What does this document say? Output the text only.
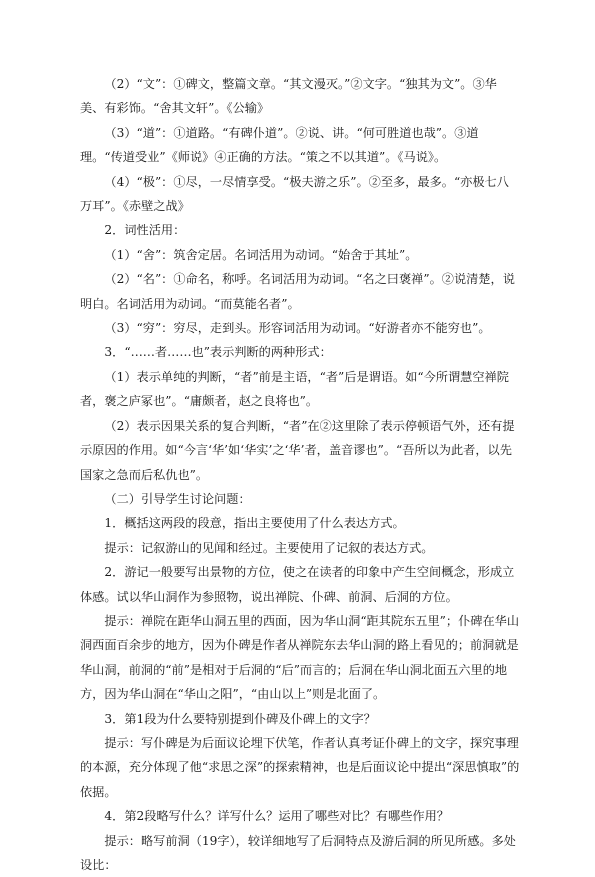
（2）“文”：①碑文，整篇文章。“其文漫灭。”②文字。“独其为文”。③华美、有彩饰。“舍其文轩”。《公输》

（3）“道”：①道路。“有碑仆道”。②说、讲。“何可胜道也哉”。③道理。“传道受业”《师说》④正确的方法。“策之不以其道”。《马说》。

（4）“极”：①尽，一尽情享受。“极夫游之乐”。②至多，最多。“亦极七八万耳”。《赤壁之战》

2．词性活用：

（1）“舍”：筑舍定居。名词活用为动词。“始舍于其址”。

（2）“名”：①命名，称呼。名词活用为动词。“名之曰褒禅”。②说清楚，说明白。名词活用为动词。“而莫能名者”。

（3）“穷”：穷尽，走到头。形容词活用为动词。“好游者亦不能穷也”。

3．“……者……也”表示判断的两种形式：

（1）表示单纯的判断，“者”前是主语，“者”后是谓语。如“今所谓慧空禅院者，褒之庐冢也”。“庸颇者，赵之良将也”。

（2）表示因果关系的复合判断，“者”在②这里除了表示停顿语气外，还有提示原因的作用。如“今言‘华’如‘华实’之‘华’者，盖音谬也”。“吾所以为此者，以先国家之急而后私仇也”。

（二）引导学生讨论问题：

1．概括这两段的段意，指出主要使用了什么表达方式。

提示：记叙游山的见闻和经过。主要使用了记叙的表达方式。

2．游记一般要写出景物的方位，使之在读者的印象中产生空间概念，形成立体感。试以华山洞作为参照物，说出禅院、仆碑、前洞、后洞的方位。

提示：禅院在距华山洞五里的西面，因为华山洞“距其院东五里”；仆碑在华山洞西面百余步的地方，因为仆碑是作者从禅院东去华山洞的路上看见的；前洞就是华山洞，前洞的“前”是相对于后洞的“后”而言的；后洞在华山洞北面五六里的地方，因为华山洞在“华山之阳”，“由山以上”则是北面了。

3．第1段为什么要特别提到仆碑及仆碑上的文字？

提示：写仆碑是为后面议论埋下伏笔，作者认真考证仆碑上的文字，探究事理的本源，充分体现了他“求思之深”的探索精神，也是后面议论中提出“深思慎取”的依据。

4．第2段略写什么？详写什么？运用了哪些对比？有哪些作用？

提示：略写前洞（19字），较详细地写了后洞特点及游后洞的所见所感。多处设比：
